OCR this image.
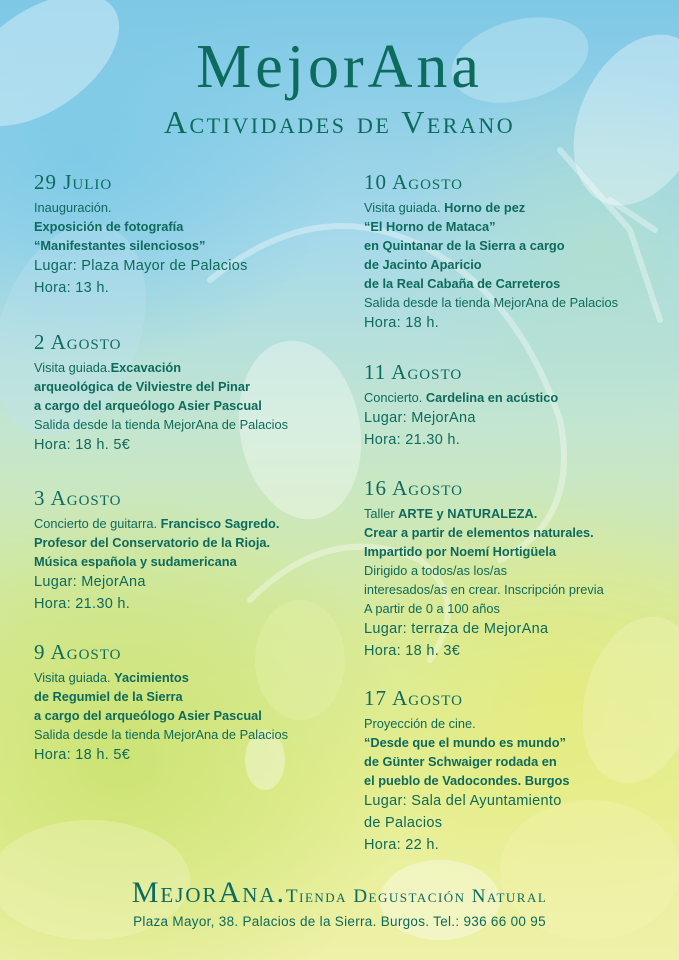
MejorAna
Actividades de Verano
29 Julio
Inauguración.
Exposición de fotografía
“Manifestantes silenciosos”
Lugar: Plaza Mayor de Palacios
Hora: 13 h.
2 Agosto
Visita guiada.Excavación
arqueológica de Vilviestre del Pinar
a cargo del arqueólogo Asier Pascual
Salida desde la tienda MejorAna de Palacios
Hora: 18 h. 5€
3 Agosto
Concierto de guitarra. Francisco Sagredo.
Profesor del Conservatorio de la Rioja.
Música española y sudamericana
Lugar: MejorAna
Hora: 21.30 h.
9 Agosto
Visita guiada. Yacimientos
de Regumiel de la Sierra
a cargo del arqueólogo Asier Pascual
Salida desde la tienda MejorAna de Palacios
Hora: 18 h. 5€
10 Agosto
Visita guiada. Horno de pez
“El Horno de Mataca”
en Quintanar de la Sierra a cargo
de Jacinto Aparicio
de la Real Cabaña de Carreteros
Salida desde la tienda MejorAna de Palacios
Hora: 18 h.
11 Agosto
Concierto. Cardelina en acústico
Lugar: MejorAna
Hora: 21.30 h.
16 Agosto
Taller ARTE y NATURALEZA.
Crear a partir de elementos naturales.
Impartido por Noemí Hortigüela
Dirigido a todos/as los/as
interesados/as en crear. Inscripción previa
A partir de 0 a 100 años
Lugar: terraza de MejorAna
Hora: 18 h. 3€
17 Agosto
Proyección de cine.
“Desde que el mundo es mundo”
de Günter Schwaiger rodada en
el pueblo de Vadocondes. Burgos
Lugar: Sala del Ayuntamiento
de Palacios
Hora: 22 h.
MejorAna.Tienda Degustación Natural
Plaza Mayor, 38. Palacios de la Sierra. Burgos. Tel.: 936 66 00 95
